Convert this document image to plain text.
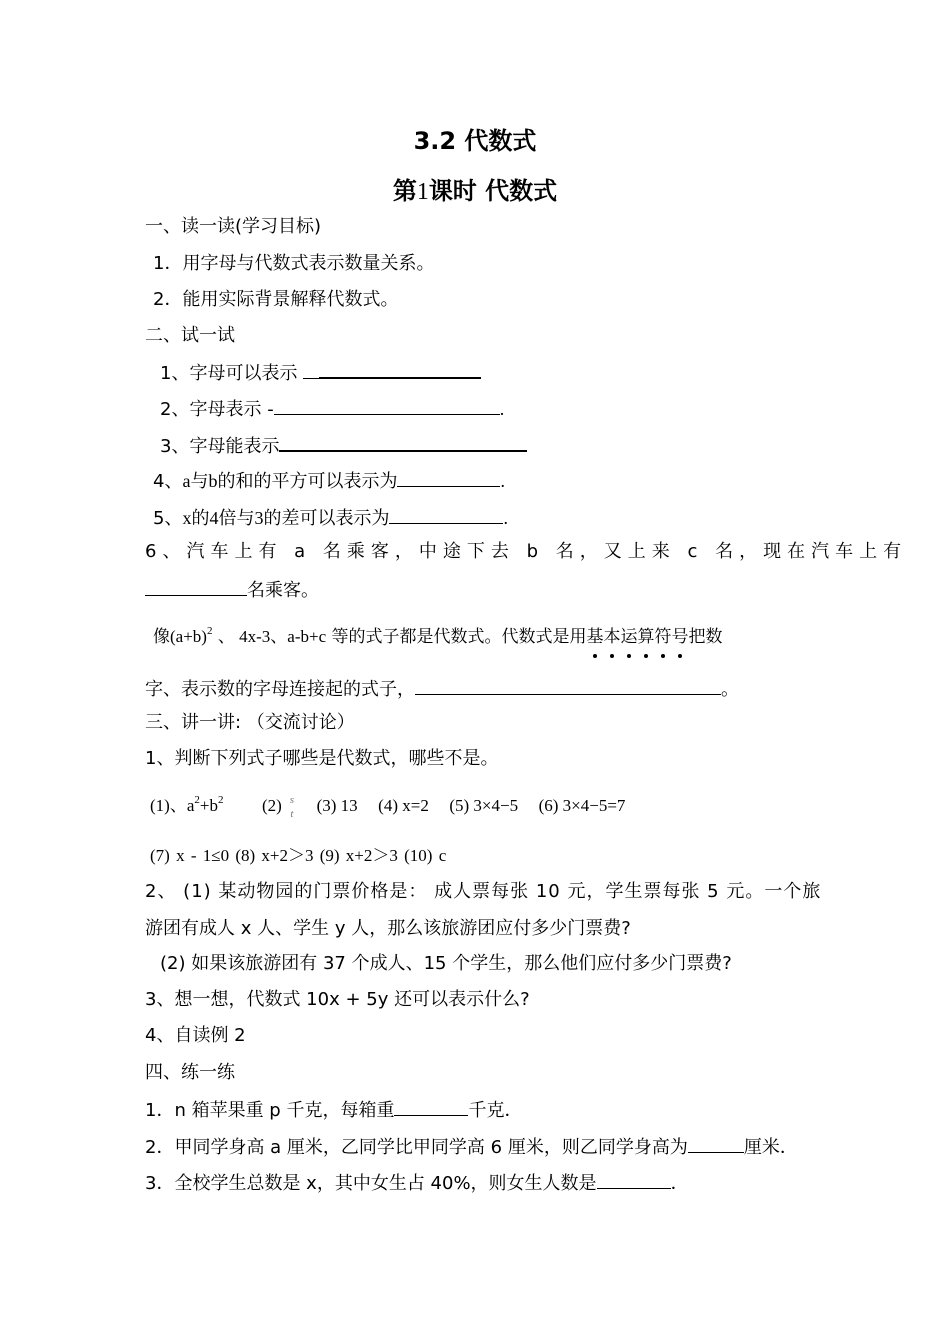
3.2 代数式
第1课时 代数式
一、读一读(学习目标)
1．用字母与代数式表示数量关系。
2．能用实际背景解释代数式。
二、试一试
1、字母可以表示
2、字母表示 -	.
3、字母能表示
4、a与b的和的平方可以表示为	.
5、x的4倍与3的差可以表示为	.
6、汽车上有 a 名乘客，中途下去 b 名，又上来 c 名，现在汽车上有
名乘客。
像$(a+b)^2$ 、 4x-3、a-b+c 等的式子都是代数式。代数式是用基本运算符号把数
字、表示数的字母连接起的式子，	。
三、讲一讲: （交流讨论）
1、判断下列式子哪些是代数式，哪些不是。
(1)、$a^2+b^2$ (2) s
t (3) 13 (4) x=2 (5) 3×4−5 (6) 3×4−5=7
(7) x - 1≤0 (8) x+2＞3 (9) x+2＞3 (10) c
2、 (1) 某动物园的门票价格是： 成人票每张 10 元，学生票每张 5 元。一个旅
游团有成人 x 人、学生 y 人，那么该旅游团应付多少门票费?
(2) 如果该旅游团有 37 个成人、15 个学生，那么他们应付多少门票费?
3、想一想，代数式 10x + 5y 还可以表示什么?
4、自读例 2
四、练一练
1．n 箱苹果重 p 千克，每箱重	千克．
2．甲同学身高 a 厘米，乙同学比甲同学高 6 厘米，则乙同学身高为	厘米．
3．全校学生总数是 x，其中女生占 40%，则女生人数是	．
